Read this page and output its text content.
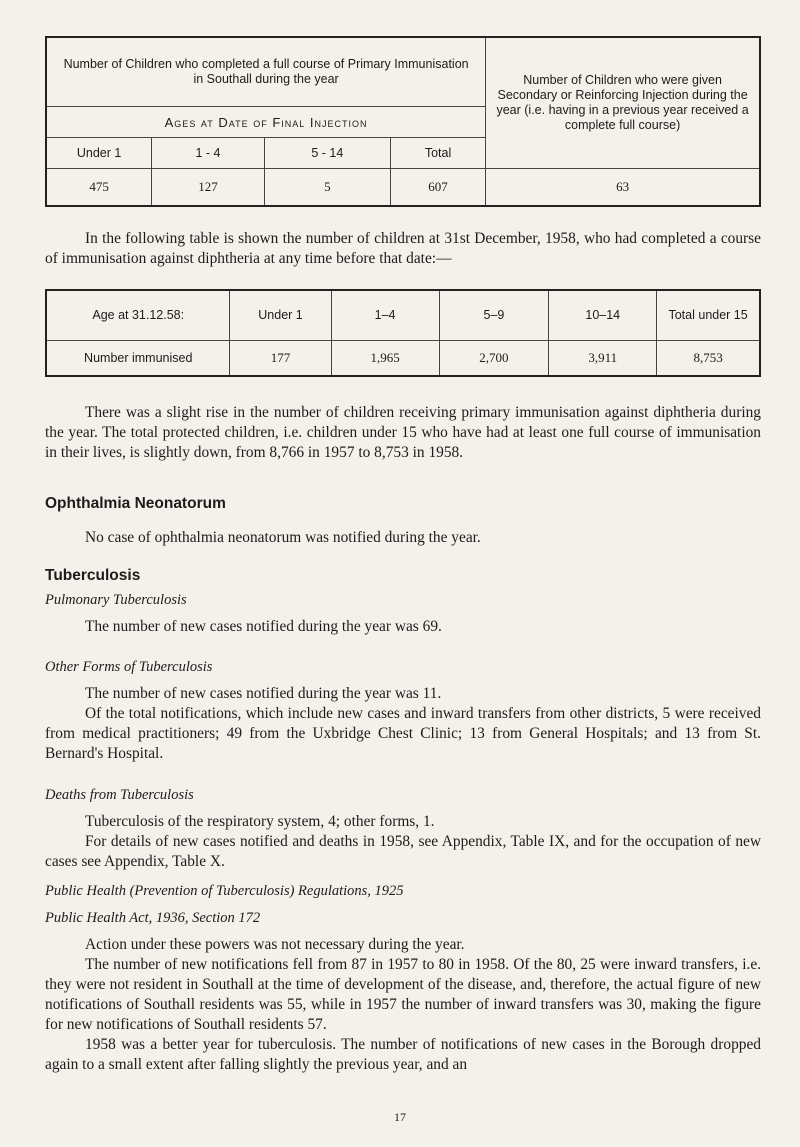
Number of Children who completed a full course of Primary Immunisation in Southall during the year				Number of Children who were given Secondary or Reinforcing Injection during the year (i.e. having in a previous year received a complete full course)
Ages at Date of Final Injection				
Under 1	1 - 4	5 - 14	Total	
475	127	5	607	63

In the following table is shown the number of children at 31st December, 1958, who had completed a course of immunisation against diphtheria at any time before that date:—

Age at 31.12.58:	Under 1	1–4	5–9	10–14	Total under 15
Number immunised	177	1,965	2,700	3,911	8,753

There was a slight rise in the number of children receiving primary immunisation against diphtheria during the year. The total protected children, i.e. children under 15 who have had at least one full course of immunisation in their lives, is slightly down, from 8,766 in 1957 to 8,753 in 1958.

Ophthalmia Neonatorum

No case of ophthalmia neonatorum was notified during the year.

Tuberculosis

Pulmonary Tuberculosis

The number of new cases notified during the year was 69.

Other Forms of Tuberculosis

The number of new cases notified during the year was 11.

Of the total notifications, which include new cases and inward transfers from other districts, 5 were received from medical practitioners; 49 from the Uxbridge Chest Clinic; 13 from General Hospitals; and 13 from St. Bernard's Hospital.

Deaths from Tuberculosis

Tuberculosis of the respiratory system, 4; other forms, 1.

For details of new cases notified and deaths in 1958, see Appendix, Table IX, and for the occupation of new cases see Appendix, Table X.

Public Health (Prevention of Tuberculosis) Regulations, 1925

Public Health Act, 1936, Section 172

Action under these powers was not necessary during the year.

The number of new notifications fell from 87 in 1957 to 80 in 1958. Of the 80, 25 were inward transfers, i.e. they were not resident in Southall at the time of development of the disease, and, therefore, the actual figure of new notifications of Southall residents was 55, while in 1957 the number of inward transfers was 30, making the figure for new notifications of Southall residents 57.

1958 was a better year for tuberculosis. The number of notifications of new cases in the Borough dropped again to a small extent after falling slightly the previous year, and an

17
